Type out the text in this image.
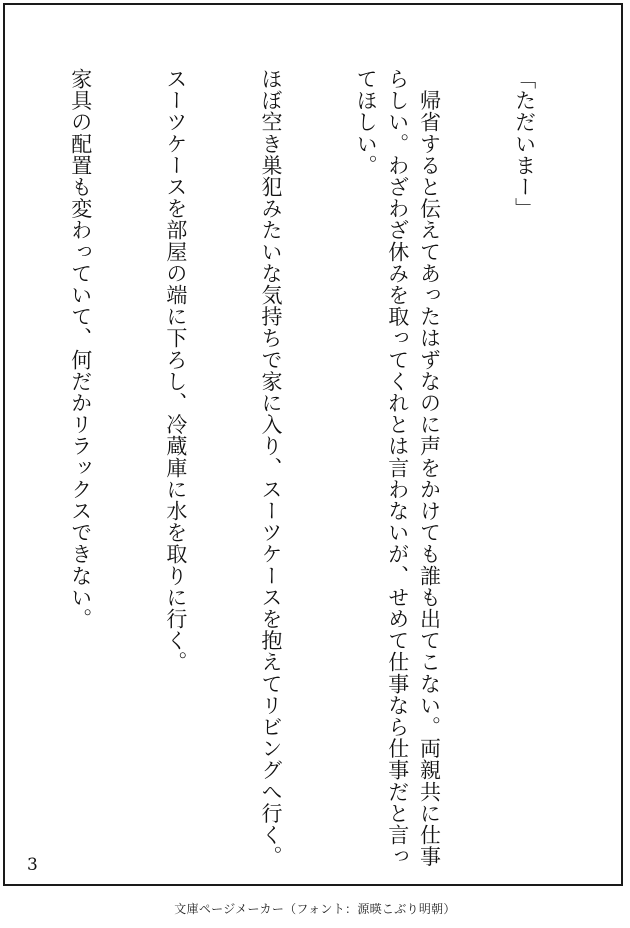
「ただいまー」

　帰省すると伝えてあったはずなのに声をかけても誰も出てこない。両親共に仕事らしい。わざわざ休みを取ってくれとは言わないが、せめて仕事なら仕事だと言ってほしい。

ほぼ空き巣犯みたいな気持ちで家に入り、スーツケースを抱えてリビングへ行く。

スーツケースを部屋の端に下ろし、冷蔵庫に水を取りに行く。

家具の配置も変わっていて、何だかリラックスできない。

3
文庫ページメーカー（フォント：源暎こぶり明朝）
